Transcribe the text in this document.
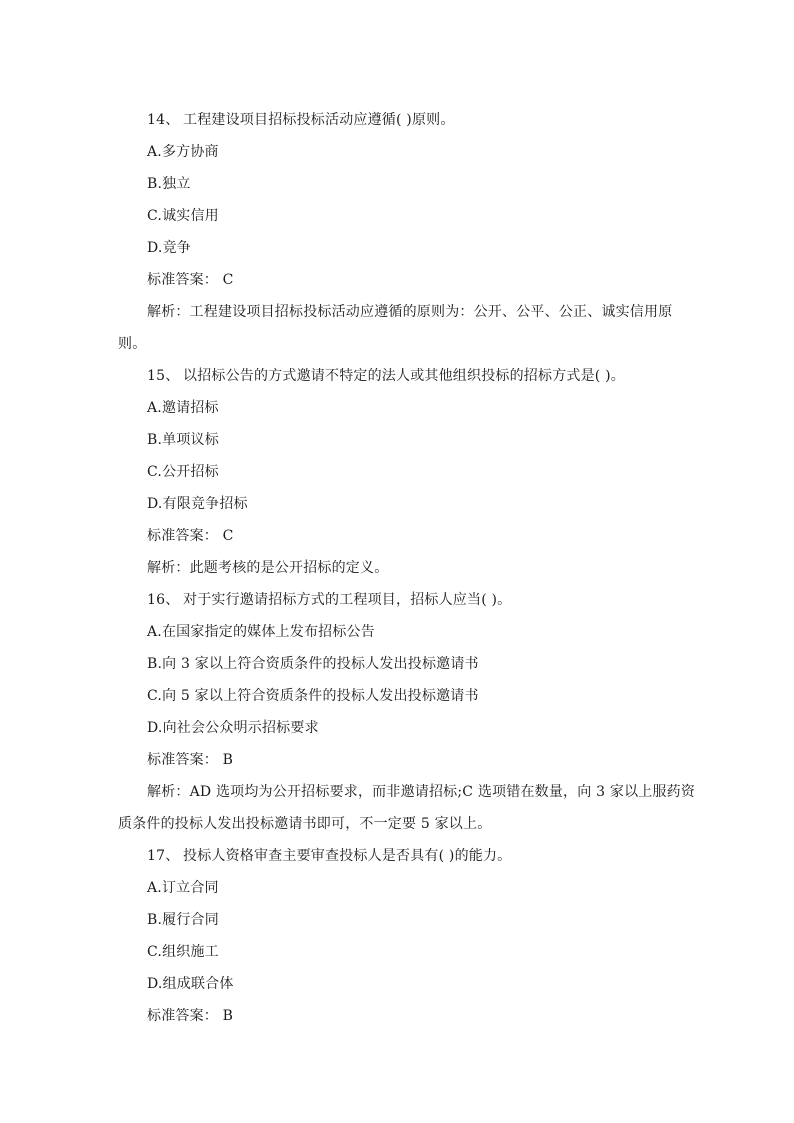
14、 工程建设项目招标投标活动应遵循( )原则。
A.多方协商
B.独立
C.诚实信用
D.竞争
标准答案： C
解析：工程建设项目招标投标活动应遵循的原则为：公开、公平、公正、诚实信用原
则。
15、 以招标公告的方式邀请不特定的法人或其他组织投标的招标方式是( )。
A.邀请招标
B.单项议标
C.公开招标
D.有限竞争招标
标准答案： C
解析：此题考核的是公开招标的定义。
16、 对于实行邀请招标方式的工程项目，招标人应当( )。
A.在国家指定的媒体上发布招标公告
B.向 3 家以上符合资质条件的投标人发出投标邀请书
C.向 5 家以上符合资质条件的投标人发出投标邀请书
D.向社会公众明示招标要求
标准答案： B
解析：AD 选项均为公开招标要求，而非邀请招标;C 选项错在数量，向 3 家以上服药资
质条件的投标人发出投标邀请书即可，不一定要 5 家以上。
17、 投标人资格审查主要审查投标人是否具有( )的能力。
A.订立合同
B.履行合同
C.组织施工
D.组成联合体
标准答案： B
